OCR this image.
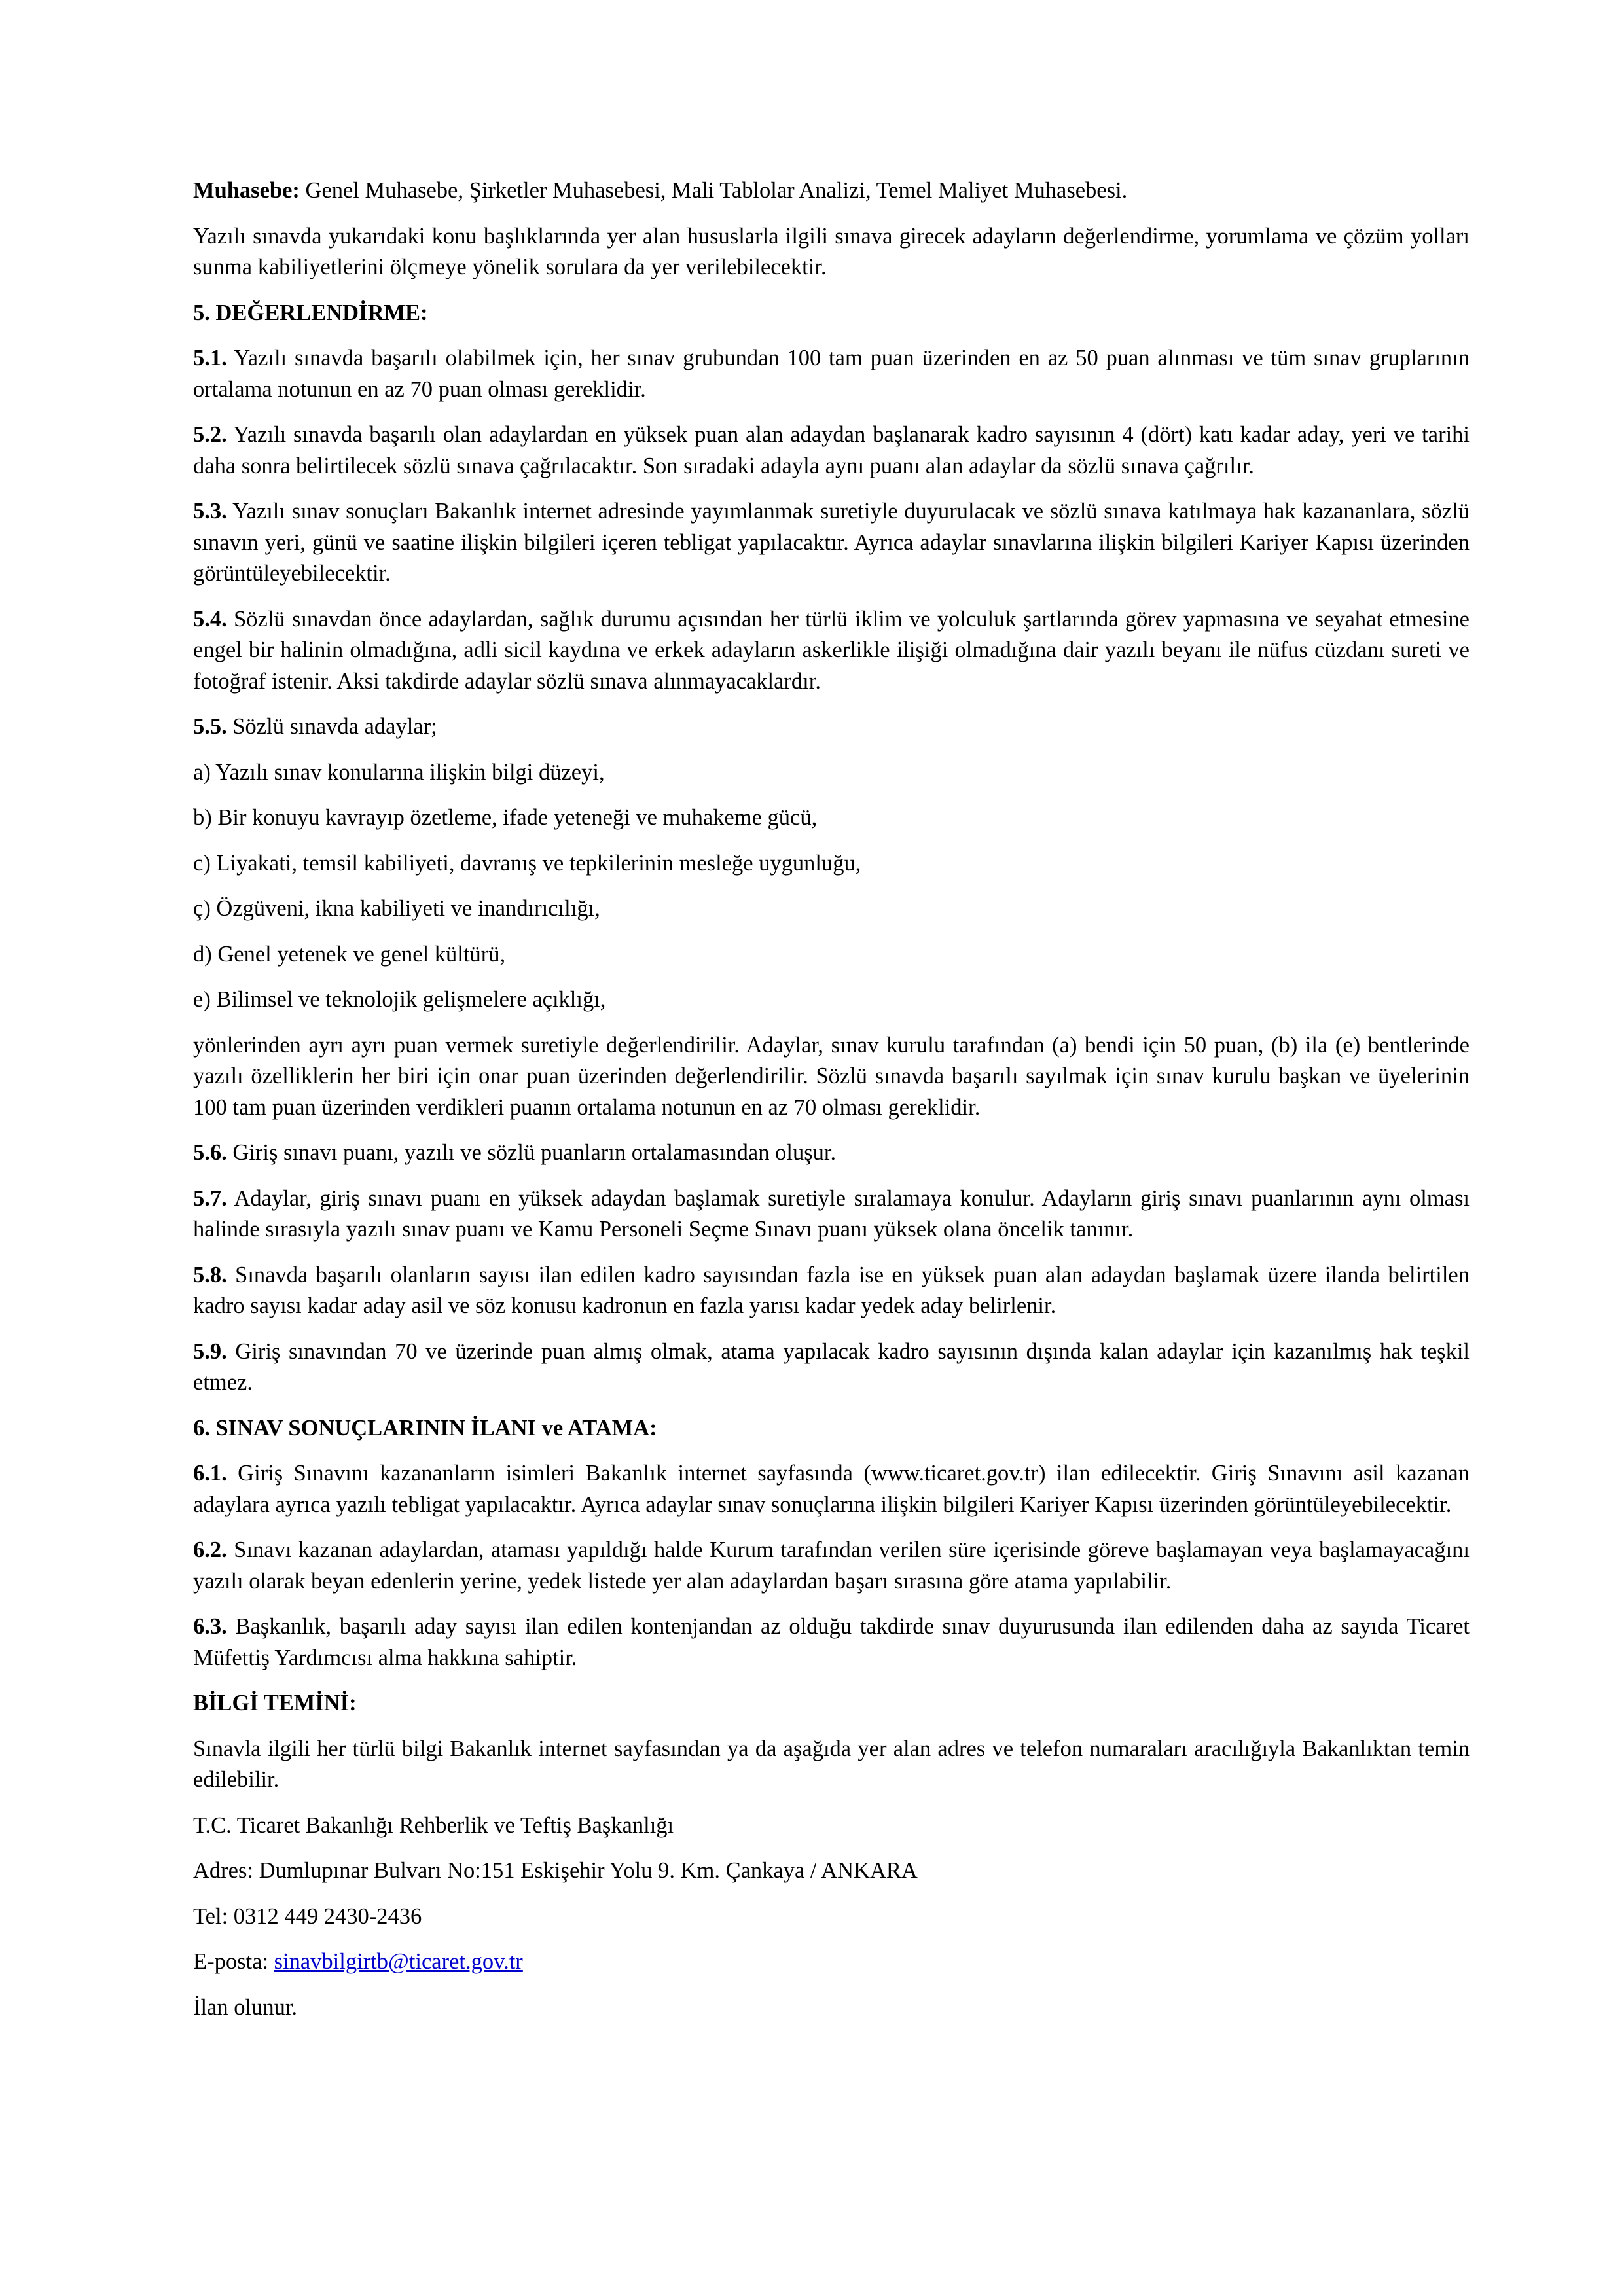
Muhasebe: Genel Muhasebe, Şirketler Muhasebesi, Mali Tablolar Analizi, Temel Maliyet Muhasebesi.

Yazılı sınavda yukarıdaki konu başlıklarında yer alan hususlarla ilgili sınava girecek adayların değerlendirme, yorumlama ve çözüm yolları sunma kabiliyetlerini ölçmeye yönelik sorulara da yer verilebilecektir.

5. DEĞERLENDİRME:

5.1. Yazılı sınavda başarılı olabilmek için, her sınav grubundan 100 tam puan üzerinden en az 50 puan alınması ve tüm sınav gruplarının ortalama notunun en az 70 puan olması gereklidir.

5.2. Yazılı sınavda başarılı olan adaylardan en yüksek puan alan adaydan başlanarak kadro sayısının 4 (dört) katı kadar aday, yeri ve tarihi daha sonra belirtilecek sözlü sınava çağrılacaktır. Son sıradaki adayla aynı puanı alan adaylar da sözlü sınava çağrılır.

5.3. Yazılı sınav sonuçları Bakanlık internet adresinde yayımlanmak suretiyle duyurulacak ve sözlü sınava katılmaya hak kazananlara, sözlü sınavın yeri, günü ve saatine ilişkin bilgileri içeren tebligat yapılacaktır. Ayrıca adaylar sınavlarına ilişkin bilgileri Kariyer Kapısı üzerinden görüntüleyebilecektir.

5.4. Sözlü sınavdan önce adaylardan, sağlık durumu açısından her türlü iklim ve yolculuk şartlarında görev yapmasına ve seyahat etmesine engel bir halinin olmadığına, adli sicil kaydına ve erkek adayların askerlikle ilişiği olmadığına dair yazılı beyanı ile nüfus cüzdanı sureti ve fotoğraf istenir. Aksi takdirde adaylar sözlü sınava alınmayacaklardır.

5.5. Sözlü sınavda adaylar;

a) Yazılı sınav konularına ilişkin bilgi düzeyi,

b) Bir konuyu kavrayıp özetleme, ifade yeteneği ve muhakeme gücü,

c) Liyakati, temsil kabiliyeti, davranış ve tepkilerinin mesleğe uygunluğu,

ç) Özgüveni, ikna kabiliyeti ve inandırıcılığı,

d) Genel yetenek ve genel kültürü,

e) Bilimsel ve teknolojik gelişmelere açıklığı,

yönlerinden ayrı ayrı puan vermek suretiyle değerlendirilir. Adaylar, sınav kurulu tarafından (a) bendi için 50 puan, (b) ila (e) bentlerinde yazılı özelliklerin her biri için onar puan üzerinden değerlendirilir. Sözlü sınavda başarılı sayılmak için sınav kurulu başkan ve üyelerinin 100 tam puan üzerinden verdikleri puanın ortalama notunun en az 70 olması gereklidir.

5.6. Giriş sınavı puanı, yazılı ve sözlü puanların ortalamasından oluşur.

5.7. Adaylar, giriş sınavı puanı en yüksek adaydan başlamak suretiyle sıralamaya konulur. Adayların giriş sınavı puanlarının aynı olması halinde sırasıyla yazılı sınav puanı ve Kamu Personeli Seçme Sınavı puanı yüksek olana öncelik tanınır.

5.8. Sınavda başarılı olanların sayısı ilan edilen kadro sayısından fazla ise en yüksek puan alan adaydan başlamak üzere ilanda belirtilen kadro sayısı kadar aday asil ve söz konusu kadronun en fazla yarısı kadar yedek aday belirlenir.

5.9. Giriş sınavından 70 ve üzerinde puan almış olmak, atama yapılacak kadro sayısının dışında kalan adaylar için kazanılmış hak teşkil etmez.

6. SINAV SONUÇLARININ İLANI ve ATAMA:

6.1. Giriş Sınavını kazananların isimleri Bakanlık internet sayfasında (www.ticaret.gov.tr) ilan edilecektir. Giriş Sınavını asil kazanan adaylara ayrıca yazılı tebligat yapılacaktır. Ayrıca adaylar sınav sonuçlarına ilişkin bilgileri Kariyer Kapısı üzerinden görüntüleyebilecektir.

6.2. Sınavı kazanan adaylardan, ataması yapıldığı halde Kurum tarafından verilen süre içerisinde göreve başlamayan veya başlamayacağını yazılı olarak beyan edenlerin yerine, yedek listede yer alan adaylardan başarı sırasına göre atama yapılabilir.

6.3. Başkanlık, başarılı aday sayısı ilan edilen kontenjandan az olduğu takdirde sınav duyurusunda ilan edilenden daha az sayıda Ticaret Müfettiş Yardımcısı alma hakkına sahiptir.

BİLGİ TEMİNİ:

Sınavla ilgili her türlü bilgi Bakanlık internet sayfasından ya da aşağıda yer alan adres ve telefon numaraları aracılığıyla Bakanlıktan temin edilebilir.

T.C. Ticaret Bakanlığı Rehberlik ve Teftiş Başkanlığı

Adres: Dumlupınar Bulvarı No:151 Eskişehir Yolu 9. Km. Çankaya / ANKARA

Tel: 0312 449 2430-2436

E-posta: sinavbilgirtb@ticaret.gov.tr

İlan olunur.
